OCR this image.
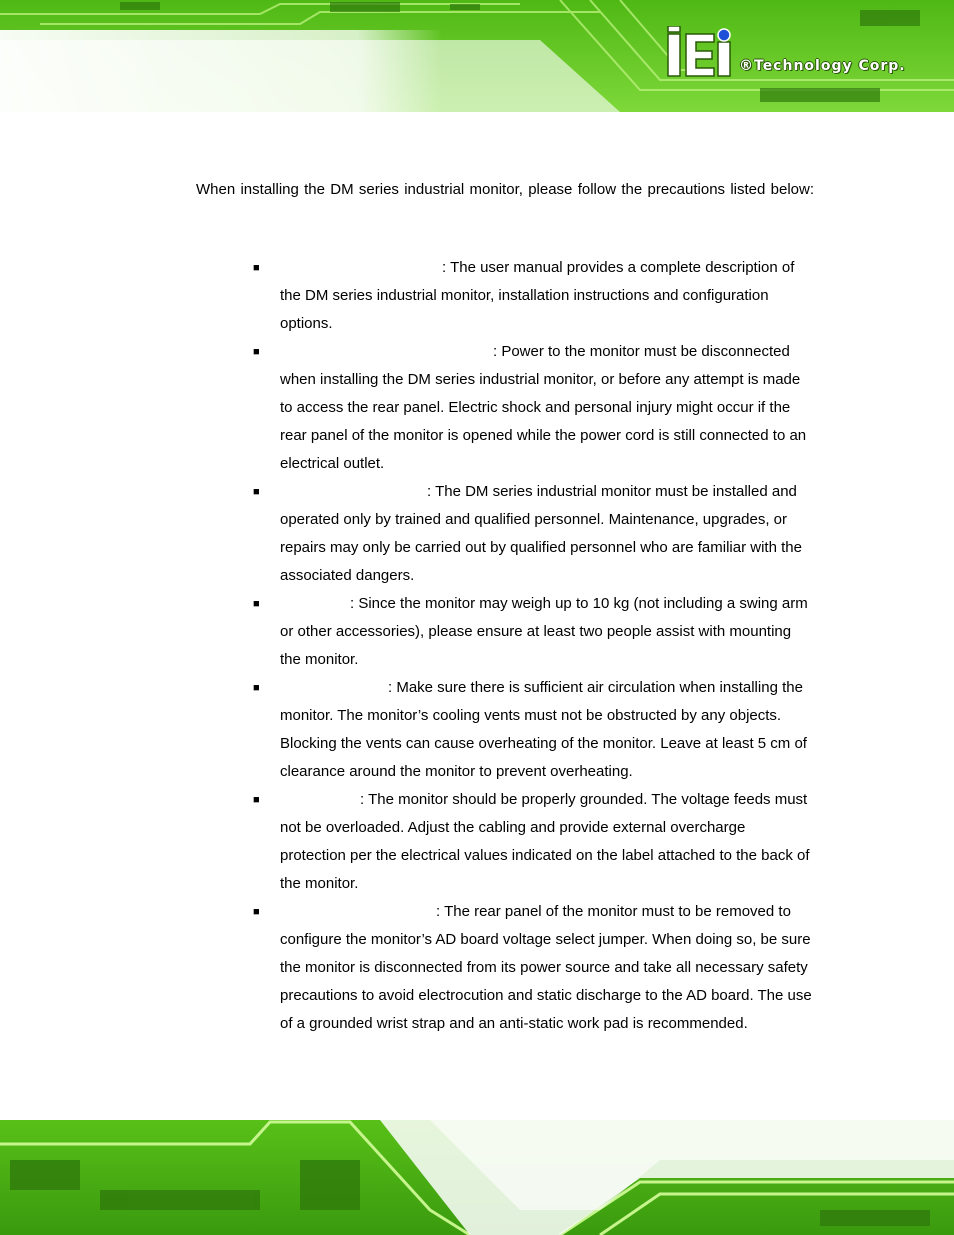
®Technology Corp.

When installing the DM series industrial monitor, please follow the precautions listed below:

■	: The user manual provides a complete description of the DM series industrial monitor, installation instructions and configuration options.
■	: Power to the monitor must be disconnected when installing the DM series industrial monitor, or before any attempt is made to access the rear panel. Electric shock and personal injury might occur if the rear panel of the monitor is opened while the power cord is still connected to an electrical outlet.
■	: The DM series industrial monitor must be installed and operated only by trained and qualified personnel. Maintenance, upgrades, or repairs may only be carried out by qualified personnel who are familiar with the associated dangers.
■	: Since the monitor may weigh up to 10 kg (not including a swing arm or other accessories), please ensure at least two people assist with mounting the monitor.
■	: Make sure there is sufficient air circulation when installing the monitor. The monitor’s cooling vents must not be obstructed by any objects. Blocking the vents can cause overheating of the monitor. Leave at least 5 cm of clearance around the monitor to prevent overheating.
■	: The monitor should be properly grounded. The voltage feeds must not be overloaded. Adjust the cabling and provide external overcharge protection per the electrical values indicated on the label attached to the back of the monitor.
■	: The rear panel of the monitor must to be removed to configure the monitor’s AD board voltage select jumper. When doing so, be sure the monitor is disconnected from its power source and take all necessary safety precautions to avoid electrocution and static discharge to the AD board. The use of a grounded wrist strap and an anti-static work pad is recommended.
